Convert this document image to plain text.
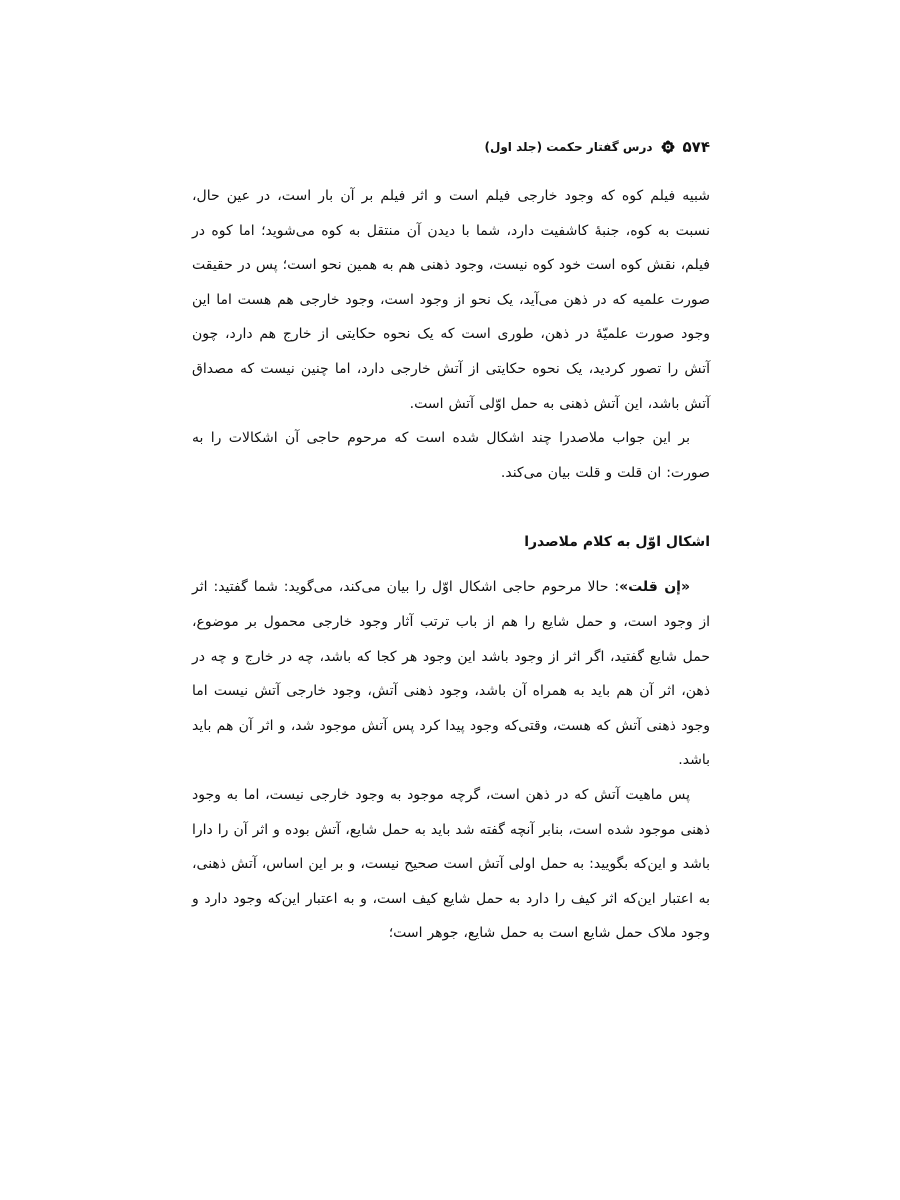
۵۷۴
درس گفتار حکمت (جلد اول)

شبیه فیلم کوه که وجود خارجی فیلم است و اثر فیلم بر آن بار است، در عین حال، نسبت به کوه، جنبهٔ کاشفیت دارد، شما با دیدن آن منتقل به کوه می‌شوید؛ اما کوه در فیلم، نقش کوه است خود کوه نیست، وجود ذهنی هم به همین نحو است؛ پس در حقیقت صورت علمیه که در ذهن می‌آید، یک نحو از وجود است، وجود خارجی هم هست اما این وجود صورت علمیّهٔ در ذهن، طوری است که یک نحوه حکایتی از خارج هم دارد، چون آتش را تصور کردید، یک نحوه حکایتی از آتش خارجی دارد، اما چنین نیست که مصداق آتش باشد، این آتش ذهنی به حمل اوّلی آتش است.

بر این جواب ملاصدرا چند اشکال شده است که مرحوم حاجی آن اشکالات را به صورت: ان قلت و قلت بیان می‌کند.

اشکال اوّل به کلام ملاصدرا

«إن قلت»: حالا مرحوم حاجی اشکال اوّل را بیان می‌کند، می‌گوید: شما گفتید: اثر از وجود است، و حمل شایع را هم از باب ترتب آثار وجود خارجی محمول بر موضوع، حمل شایع گفتید، اگر اثر از وجود باشد این وجود هر کجا که باشد، چه در خارج و چه در ذهن، اثر آن هم باید به همراه آن باشد، وجود ذهنی آتش، وجود خارجی آتش نیست اما وجود ذهنی آتش که هست، وقتی‌که وجود پیدا کرد پس آتش موجود شد، و اثر آن هم باید باشد.

پس ماهیت آتش که در ذهن است، گرچه موجود به وجود خارجی نیست، اما به وجود ذهنی موجود شده است، بنابر آنچه گفته شد باید به حمل شایع، آتش بوده و اثر آن را دارا باشد و این‌که بگویید: به حمل اولی آتش است صحیح نیست، و بر این اساس، آتش ذهنی، به اعتبار این‌که اثر کیف را دارد به حمل شایع کیف است، و به اعتبار این‌که وجود دارد و وجود ملاک حمل شایع است به حمل شایع، جوهر است؛
